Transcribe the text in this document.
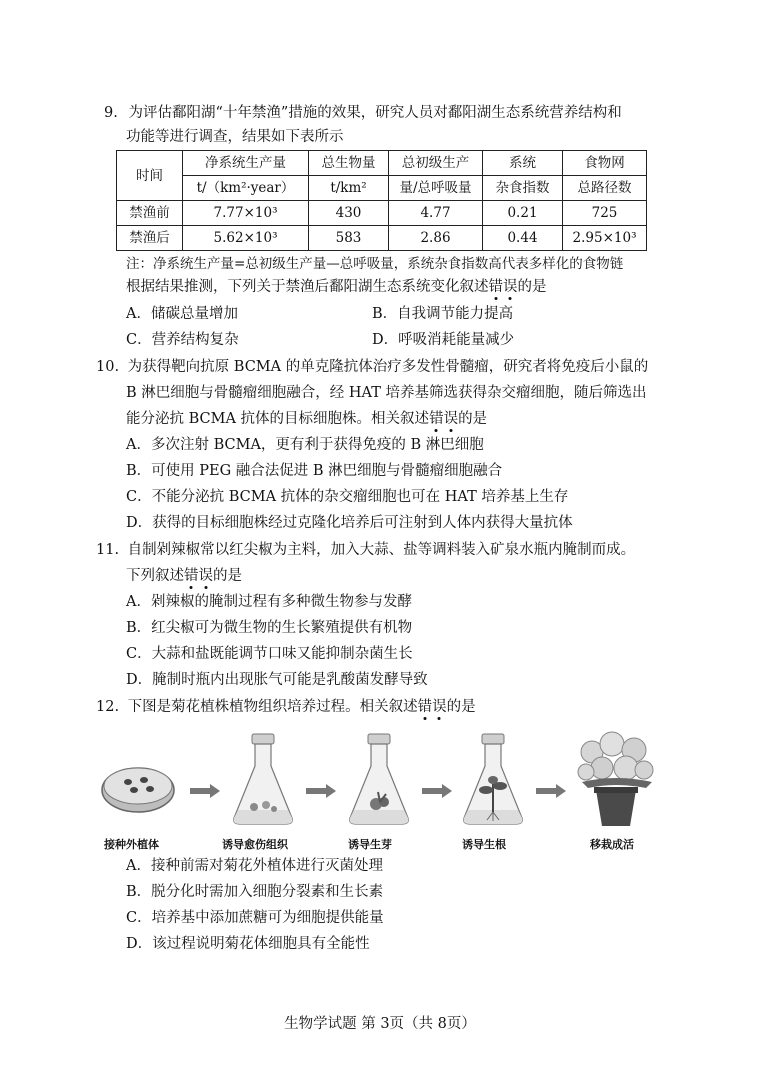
9. 为评估鄱阳湖“十年禁渔”措施的效果，研究人员对鄱阳湖生态系统营养结构和
功能等进行调查，结果如下表所示
时间	净系统生产量	总生物量	总初级生产	系统	食物网
	t/（km²·year）	t/km²	量/总呼吸量	杂食指数	总路径数
禁渔前	7.77×10³	430	4.77	0.21	725
禁渔后	5.62×10³	583	2.86	0.44	2.95×10³
注：净系统生产量=总初级生产量—总呼吸量，系统杂食指数高代表多样化的食物链
根据结果推测，下列关于禁渔后鄱阳湖生态系统变化叙述错误的是
A．储碳总量增加	B．自我调节能力提高
C．营养结构复杂	D．呼吸消耗能量减少
10. 为获得靶向抗原 BCMA 的单克隆抗体治疗多发性骨髓瘤，研究者将免疫后小鼠的
B 淋巴细胞与骨髓瘤细胞融合，经 HAT 培养基筛选获得杂交瘤细胞，随后筛选出
能分泌抗 BCMA 抗体的目标细胞株。相关叙述错误的是
A．多次注射 BCMA，更有利于获得免疫的 B 淋巴细胞
B．可使用 PEG 融合法促进 B 淋巴细胞与骨髓瘤细胞融合
C．不能分泌抗 BCMA 抗体的杂交瘤细胞也可在 HAT 培养基上生存
D．获得的目标细胞株经过克隆化培养后可注射到人体内获得大量抗体
11. 自制剁辣椒常以红尖椒为主料，加入大蒜、盐等调料装入矿泉水瓶内腌制而成。
下列叙述错误的是
A．剁辣椒的腌制过程有多种微生物参与发酵
B．红尖椒可为微生物的生长繁殖提供有机物
C．大蒜和盐既能调节口味又能抑制杂菌生长
D．腌制时瓶内出现胀气可能是乳酸菌发酵导致
12. 下图是菊花植株植物组织培养过程。相关叙述错误的是
接种外植体	诱导愈伤组织	诱导生芽	诱导生根	移栽成活
A．接种前需对菊花外植体进行灭菌处理
B．脱分化时需加入细胞分裂素和生长素
C．培养基中添加蔗糖可为细胞提供能量
D．该过程说明菊花体细胞具有全能性
生物学试题 第 3页（共 8页）
